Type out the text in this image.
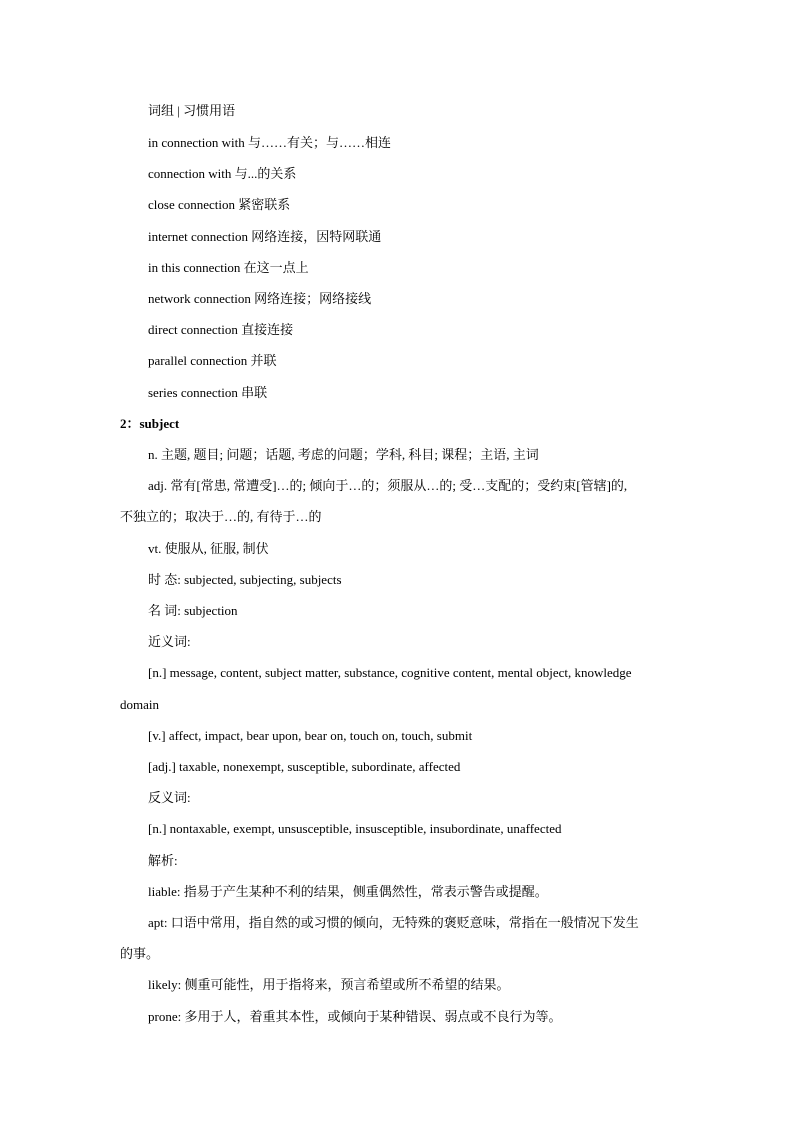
词组 | 习惯用语
in connection with 与……有关；与……相连
connection with 与...的关系
close connection 紧密联系
internet connection 网络连接，因特网联通
in this connection 在这一点上
network connection 网络连接；网络接线
direct connection 直接连接
parallel connection 并联
series connection 串联
2：subject
n. 主题, 题目; 问题；话题, 考虑的问题；学科, 科目; 课程；主语, 主词
adj. 常有[常患, 常遭受]…的; 倾向于…的；须服从…的; 受…支配的；受约束[管辖]的,
不独立的；取决于…的, 有待于…的
vt. 使服从, 征服, 制伏
时 态: subjected, subjecting, subjects
名 词: subjection
近义词:
[n.] message, content, subject matter, substance, cognitive content, mental object, knowledge
domain
[v.] affect, impact, bear upon, bear on, touch on, touch, submit
[adj.] taxable, nonexempt, susceptible, subordinate, affected
反义词:
[n.] nontaxable, exempt, unsusceptible, insusceptible, insubordinate, unaffected
解析:
liable: 指易于产生某种不利的结果，侧重偶然性，常表示警告或提醒。
apt: 口语中常用，指自然的或习惯的倾向，无特殊的褒贬意味，常指在一般情况下发生
的事。
likely: 侧重可能性，用于指将来，预言希望或所不希望的结果。
prone: 多用于人，着重其本性，或倾向于某种错误、弱点或不良行为等。
